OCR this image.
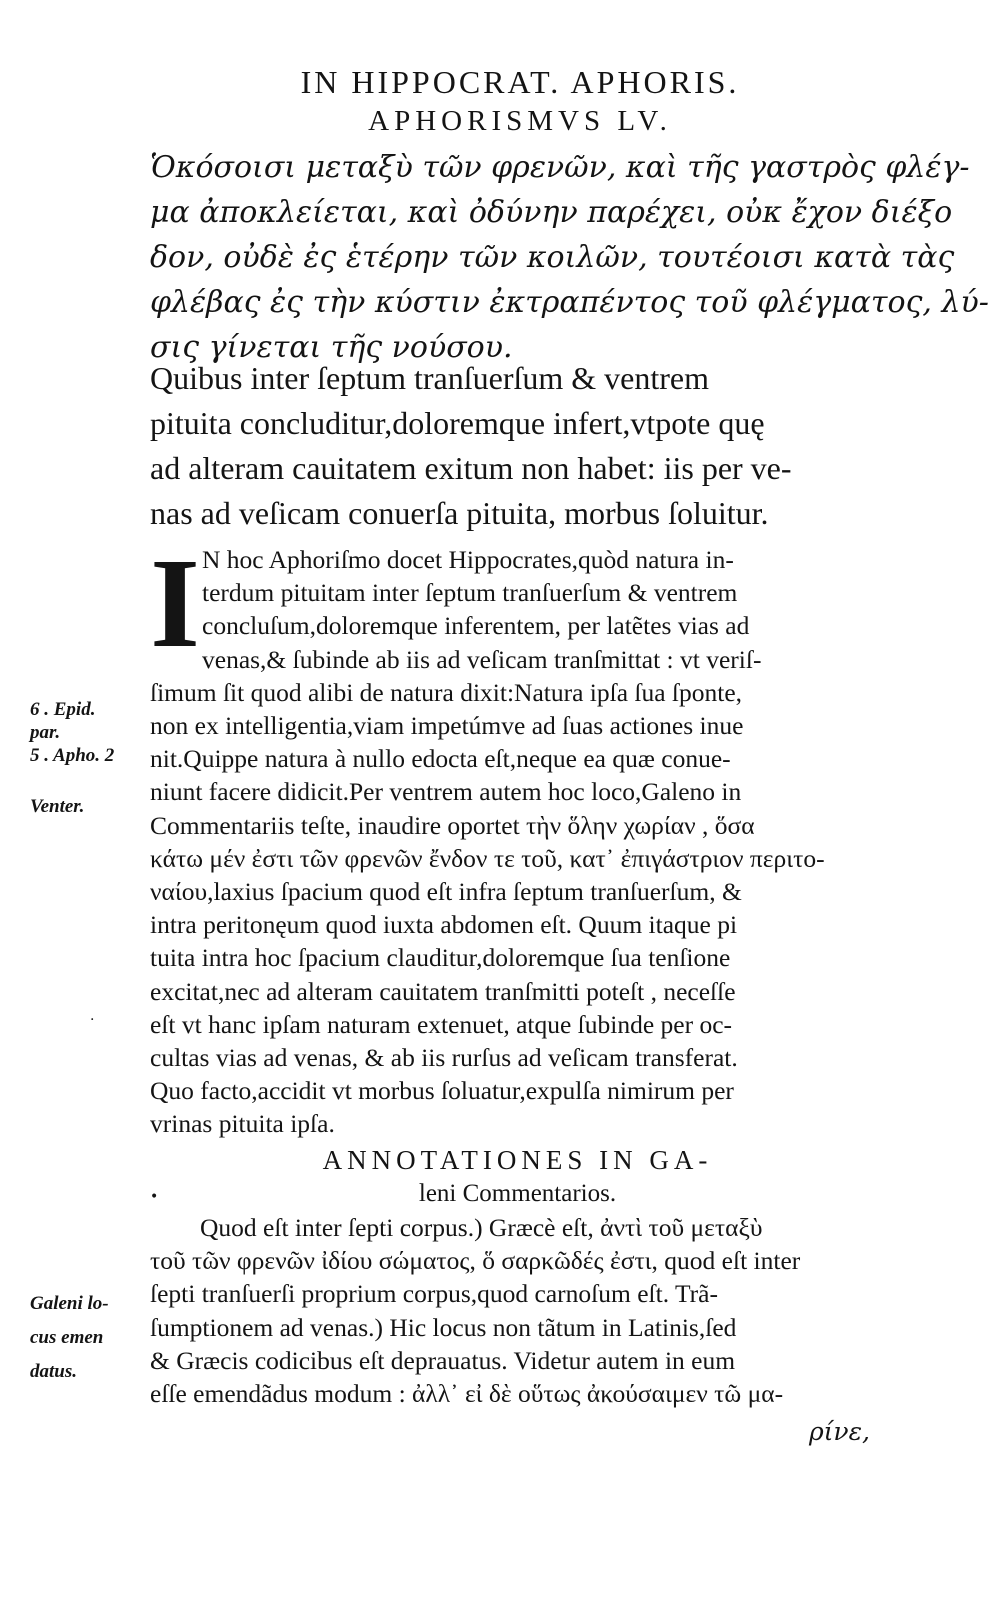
IN HIPPOCRAT. APHORIS.
APHORISMVS LV.
Ὁκόσοισι μεταξὺ τῶν φρενῶν, καὶ τῆς γαστρὸς φλέγ-
μα ἀποκλείεται, καὶ ὀδύνην παρέχει, οὐκ ἔχον διέξο
δον, οὐδὲ ἐς ἑτέρην τῶν κοιλῶν, τουτέοισι κατὰ τὰς
φλέβας ἐς τὴν κύστιν ἐκτραπέντος τοῦ φλέγματος, λύ-
σις γίνεται τῆς νούσου.
Quibus inter ſeptum tranſuerſum & ventrem
pituita concluditur,doloremque infert,vtpote quę
ad alteram cauitatem exitum non habet: iis per ve-
nas ad veſicam conuerſa pituita, morbus ſoluitur.
I N hoc Aphoriſmo docet Hippocrates,quòd natura in-
terdum pituitam inter ſeptum tranſuerſum & ventrem
concluſum,doloremque inferentem, per latẽtes vias ad
venas,& ſubinde ab iis ad veſicam tranſmittat : vt veriſ-
ſimum ſit quod alibi de natura dixit:Natura ipſa ſua ſponte,
non ex intelligentia,viam impetúmve ad ſuas actiones inue
nit.Quippe natura à nullo edocta eſt,neque ea quæ conue-
niunt facere didicit.Per ventrem autem hoc loco,Galeno in
Commentariis teſte, inaudire oportet τὴν ὅλην χωρίαν , ὅσα
κάτω μέν ἐστι τῶν φρενῶν ἔνδον τε τοῦ, κατ᾽ ἐπιγάστριον περιτο-
ναίου,laxius ſpacium quod eſt infra ſeptum tranſuerſum, &
intra peritonęum quod iuxta abdomen eſt. Quum itaque pi
tuita intra hoc ſpacium clauditur,doloremque ſua tenſione
excitat,nec ad alteram cauitatem tranſmitti poteſt , neceſſe
eſt vt hanc ipſam naturam extenuet, atque ſubinde per oc-
cultas vias ad venas, & ab iis rurſus ad veſicam transferat.
Quo facto,accidit vt morbus ſoluatur,expulſa nimirum per
vrinas pituita ipſa.
ANNOTATIONES IN GA-
leni Commentarios.
Quod eſt inter ſepti corpus.) Græcè eſt, ἀντὶ τοῦ μεταξὺ
τοῦ τῶν φρενῶν ἰδίου σώματος, ὅ σαρκῶδές ἐστι, quod eſt inter
ſepti tranſuerſi proprium corpus,quod carnoſum eſt. Trã-
ſumptionem ad venas.) Hic locus non tãtum in Latinis,ſed
& Græcis codicibus eſt deprauatus. Videtur autem in eum
eſſe emendãdus modum : ἀλλ᾽ εἰ δὲ οὕτως ἀκούσαιμεν τῶ μα-
ρίνε,
6 . Epid.
par.
5 . Apho. 2
Venter.
Galeni lo-
cus emen
datus.
·
•
